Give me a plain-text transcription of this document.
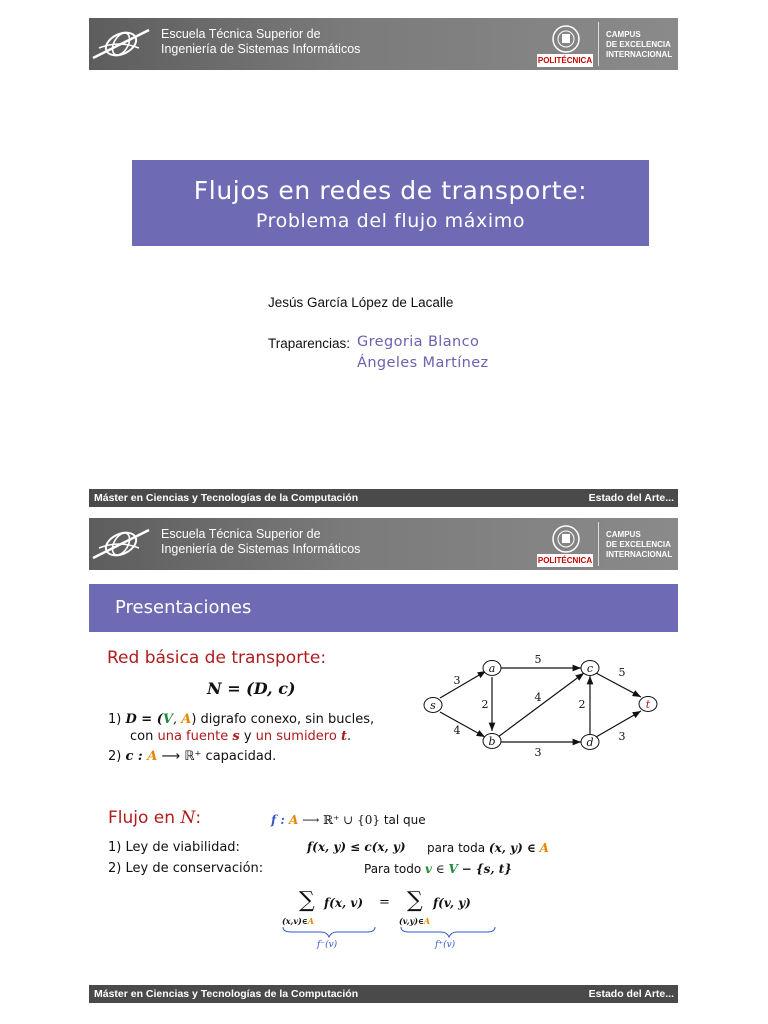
Escuela Técnica Superior de
Ingeniería de Sistemas Informáticos
POLITÉCNICA
CAMPUS
DE EXCELENCIA
INTERNACIONAL
Flujos en redes de transporte:
Problema del flujo máximo
Jesús García López de Lacalle
Traparencias: Gregoria Blanco
Ángeles Martínez
Máster en Ciencias y Tecnologías de la Computación	Estado del Arte...
Escuela Técnica Superior de
Ingeniería de Sistemas Informáticos
POLITÉCNICA
CAMPUS
DE EXCELENCIA
INTERNACIONAL
Presentaciones
Red básica de transporte:
N = (D, c)
1) D = (V, A) digrafo conexo, sin bucles,
con una fuente s y un sumidero t.
2) c : A ⟶ ℝ⁺ capacidad.
s
a
b
c
d
t
3
4
2
5
4
3
2
5
3
Flujo en N:	f : A ⟶ ℝ⁺ ∪ {0} tal que
1) Ley de viabilidad:	f(x, y) ≤ c(x, y) para toda (x, y) ∈ A
2) Ley de conservación:	Para todo v ∈ V − {s, t}
∑ f(x, v) = ∑ f(v, y)
(x,v)∈A	(v,y)∈A
f⁻(v)	f⁺(v)
Máster en Ciencias y Tecnologías de la Computación	Estado del Arte...
